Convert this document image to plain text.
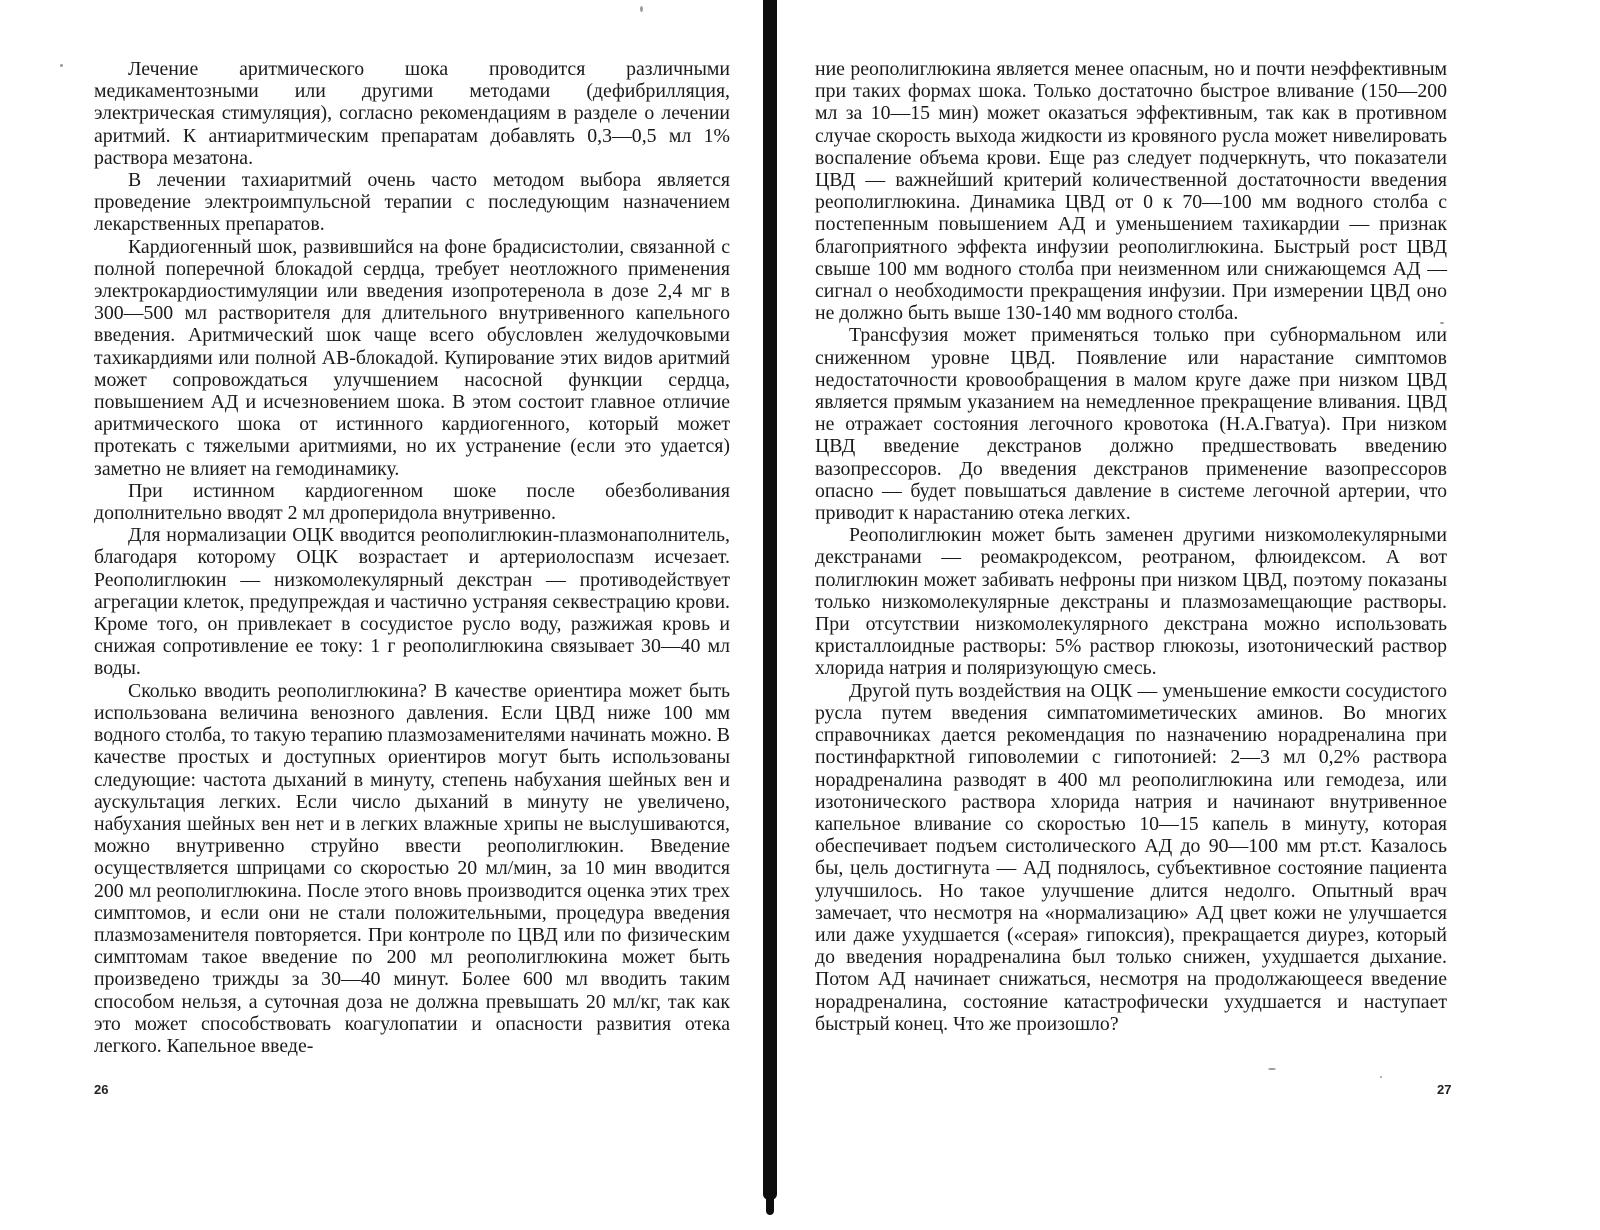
Лечение аритмического шока проводится различными медикаментозными или другими методами (дефибрилляция, электрическая стимуляция), согласно рекомендациям в разделе о лечении аритмий. К антиаритмическим препаратам добавлять 0,3—0,5 мл 1% раствора мезатона.

В лечении тахиаритмий очень часто методом выбора является проведение электроимпульсной терапии с последующим назначением лекарственных препаратов.

Кардиогенный шок, развившийся на фоне брадисистолии, связанной с полной поперечной блокадой сердца, требует неотложного применения электрокардиостимуляции или введения изопротеренола в дозе 2,4 мг в 300—500 мл растворителя для длительного внутривенного капельного введения. Аритмический шок чаще всего обусловлен желудочковыми тахикардиями или полной АВ-блокадой. Купирование этих видов аритмий может сопровождаться улучшением насосной функции сердца, повышением АД и исчезновением шока. В этом состоит главное отличие аритмического шока от истинного кардиогенного, который может протекать с тяжелыми аритмиями, но их устранение (если это удается) заметно не влияет на гемодинамику.

При истинном кардиогенном шоке после обезболивания дополнительно вводят 2 мл дроперидола внутривенно.

Для нормализации ОЦК вводится реополиглюкин-плазмонаполнитель, благодаря которому ОЦК возрастает и артериолоспазм исчезает. Реополиглюкин — низкомолекулярный декстран — противодействует агрегации клеток, предупреждая и частично устраняя секвестрацию крови. Кроме того, он привлекает в сосудистое русло воду, разжижая кровь и снижая сопротивление ее току: 1 г реополиглюкина связывает 30—40 мл воды.

Сколько вводить реополиглюкина? В качестве ориентира может быть использована величина венозного давления. Если ЦВД ниже 100 мм водного столба, то такую терапию плазмозаменителями начинать можно. В качестве простых и доступных ориентиров могут быть использованы следующие: частота дыханий в минуту, степень набухания шейных вен и аускультация легких. Если число дыханий в минуту не увеличено, набухания шейных вен нет и в легких влажные хрипы не выслушиваются, можно внутривенно струйно ввести реополиглюкин. Введение осуществляется шприцами со скоростью 20 мл/мин, за 10 мин вводится 200 мл реополиглюкина. После этого вновь производится оценка этих трех симптомов, и если они не стали положительными, процедура введения плазмозаменителя повторяется. При контроле по ЦВД или по физическим симптомам такое введение по 200 мл реополиглюкина может быть произведено трижды за 30—40 минут. Более 600 мл вводить таким способом нельзя, а суточная доза не должна превышать 20 мл/кг, так как это может способствовать коагулопатии и опасности развития отека легкого. Капельное введе-

26

ние реополиглюкина является менее опасным, но и почти неэффективным при таких формах шока. Только достаточно быстрое вливание (150—200 мл за 10—15 мин) может оказаться эффективным, так как в противном случае скорость выхода жидкости из кровяного русла может нивелировать воспаление объема крови. Еще раз следует подчеркнуть, что показатели ЦВД — важнейший критерий количественной достаточности введения реополиглюкина. Динамика ЦВД от 0 к 70—100 мм водного столба с постепенным повышением АД и уменьшением тахикардии — признак благоприятного эффекта инфузии реополиглюкина. Быстрый рост ЦВД свыше 100 мм водного столба при неизменном или снижающемся АД — сигнал о необходимости прекращения инфузии. При измерении ЦВД оно не должно быть выше 130-140 мм водного столба.

Трансфузия может применяться только при субнормальном или сниженном уровне ЦВД. Появление или нарастание симптомов недостаточности кровообращения в малом круге даже при низком ЦВД является прямым указанием на немедленное прекращение вливания. ЦВД не отражает состояния легочного кровотока (Н.А.Гватуа). При низком ЦВД введение декстранов должно предшествовать введению вазопрессоров. До введения декстранов применение вазопрессоров опасно — будет повышаться давление в системе легочной артерии, что приводит к нарастанию отека легких.

Реополиглюкин может быть заменен другими низкомолекулярными декстранами — реомакродексом, реотраном, флюидексом. А вот полиглюкин может забивать нефроны при низком ЦВД, поэтому показаны только низкомолекулярные декстраны и плазмозамещающие растворы. При отсутствии низкомолекулярного декстрана можно использовать кристаллоидные растворы: 5% раствор глюкозы, изотонический раствор хлорида натрия и поляризующую смесь.

Другой путь воздействия на ОЦК — уменьшение емкости сосудистого русла путем введения симпатомиметических аминов. Во многих справочниках дается рекомендация по назначению норадреналина при постинфарктной гиповолемии с гипотонией: 2—3 мл 0,2% раствора норадреналина разводят в 400 мл реополиглюкина или гемодеза, или изотонического раствора хлорида натрия и начинают внутривенное капельное вливание со скоростью 10—15 капель в минуту, которая обеспечивает подъем систолического АД до 90—100 мм рт.ст. Казалось бы, цель достигнута — АД поднялось, субъективное состояние пациента улучшилось. Но такое улучшение длится недолго. Опытный врач замечает, что несмотря на «нормализацию» АД цвет кожи не улучшается или даже ухудшается («серая» гипоксия), прекращается диурез, который до введения норадреналина был только снижен, ухудшается дыхание. Потом АД начинает снижаться, несмотря на продолжающееся введение норадреналина, состояние катастрофически ухудшается и наступает быстрый конец. Что же произошло?

27
